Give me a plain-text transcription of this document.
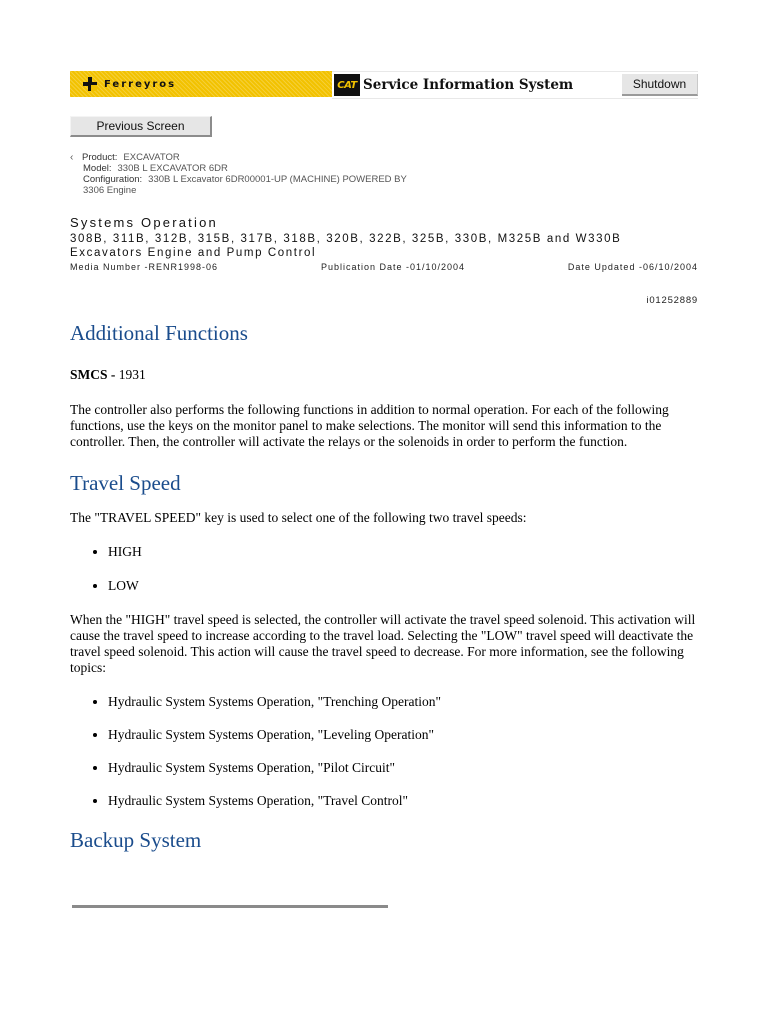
Ferreyros	CAT Service Information System	Shutdown
Previous Screen
‹ Product: EXCAVATOR
Model: 330B L EXCAVATOR 6DR
Configuration: 330B L Excavator 6DR00001-UP (MACHINE) POWERED BY
3306 Engine
Systems Operation
308B, 311B, 312B, 315B, 317B, 318B, 320B, 322B, 325B, 330B, M325B and W330B
Excavators Engine and Pump Control
Media Number -RENR1998-06	Publication Date -01/10/2004	Date Updated -06/10/2004
i01252889
Additional Functions

SMCS - 1931

The controller also performs the following functions in addition to normal operation. For each of the following functions, use the keys on the monitor panel to make selections. The monitor will send this information to the controller. Then, the controller will activate the relays or the solenoids in order to perform the function.

Travel Speed

The "TRAVEL SPEED" key is used to select one of the following two travel speeds:

• HIGH
• LOW

When the "HIGH" travel speed is selected, the controller will activate the travel speed solenoid. This activation will cause the travel speed to increase according to the travel load. Selecting the "LOW" travel speed will deactivate the travel speed solenoid. This action will cause the travel speed to decrease. For more information, see the following topics:

• Hydraulic System Systems Operation, "Trenching Operation"
• Hydraulic System Systems Operation, "Leveling Operation"
• Hydraulic System Systems Operation, "Pilot Circuit"
• Hydraulic System Systems Operation, "Travel Control"
Backup System
